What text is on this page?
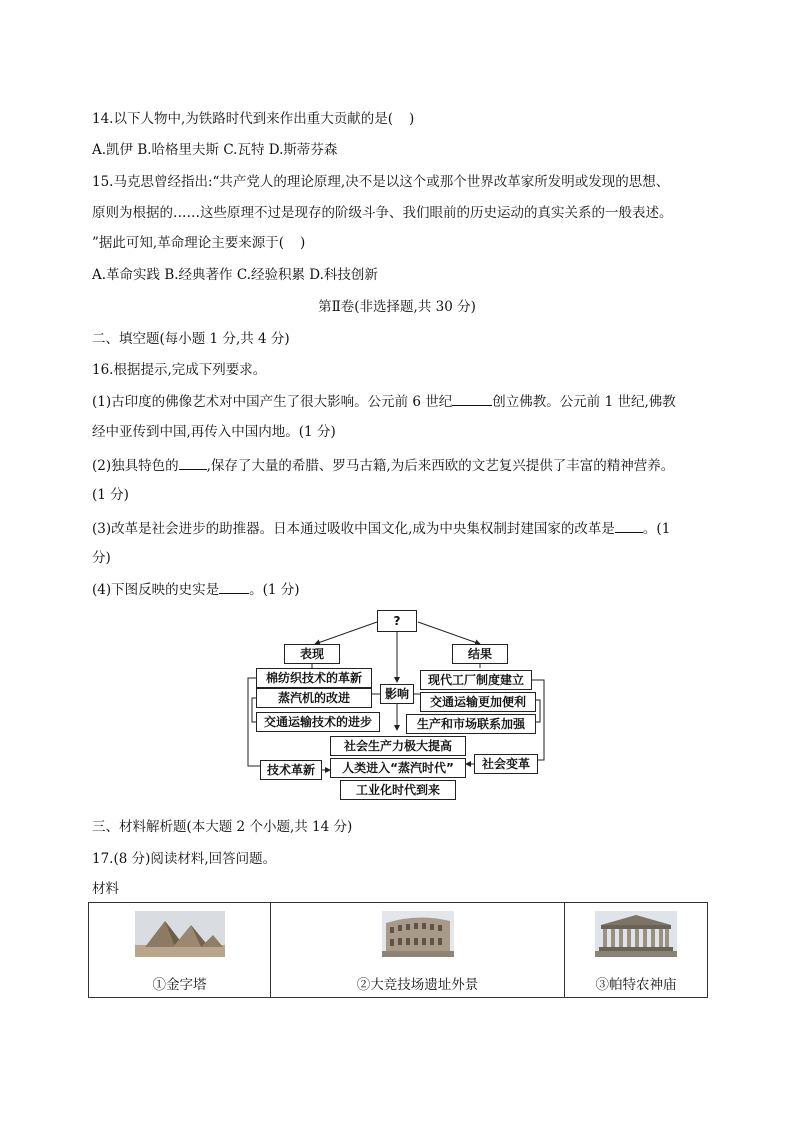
14.以下人物中,为铁路时代到来作出重大贡献的是( )
A.凯伊 B.哈格里夫斯 C.瓦特 D.斯蒂芬森
15.马克思曾经指出:“共产党人的理论原理,决不是以这个或那个世界改革家所发明或发现的思想、
原则为根据的……这些原理不过是现存的阶级斗争、我们眼前的历史运动的真实关系的一般表述。
”据此可知,革命理论主要来源于( )
A.革命实践 B.经典著作 C.经验积累 D.科技创新
第Ⅱ卷(非选择题,共 30 分)
二、填空题(每小题 1 分,共 4 分)
16.根据提示,完成下列要求。
(1)古印度的佛像艺术对中国产生了很大影响。公元前 6 世纪	创立佛教。公元前 1 世纪,佛教
经中亚传到中国,再传入中国内地。(1 分)
(2)独具特色的 ,保存了大量的希腊、罗马古籍,为后来西欧的文艺复兴提供了丰富的精神营养。
(1 分)
(3)改革是社会进步的助推器。日本通过吸收中国文化,成为中央集权制封建国家的改革是 。(1
分)
(4)下图反映的史实是 。(1 分)
?
表现	结果
棉纺织技术的革新
蒸汽机的改进
交通运输技术的进步
影响
现代工厂制度建立
交通运输更加便利
生产和市场联系加强
社会生产力极大提高
人类进入“蒸汽时代”
工业化时代到来
技术革新	社会变革
三、材料解析题(本大题 2 个小题,共 14 分)
17.(8 分)阅读材料,回答问题。
材料
①金字塔	②大竞技场遗址外景	③帕特农神庙
